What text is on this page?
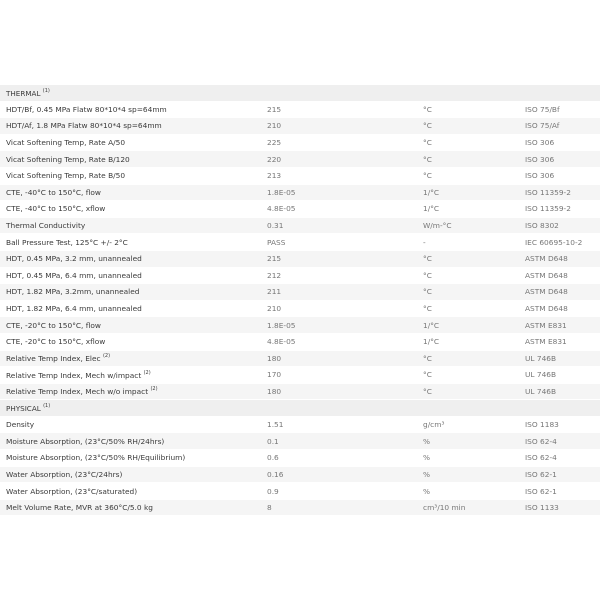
THERMAL $^{(1)}$
HDT/Bf, 0.45 MPa Flatw 80*10*4 sp=64mm	215	°C	ISO 75/Bf
HDT/Af, 1.8 MPa Flatw 80*10*4 sp=64mm	210	°C	ISO 75/Af
Vicat Softening Temp, Rate A/50	225	°C	ISO 306
Vicat Softening Temp, Rate B/120	220	°C	ISO 306
Vicat Softening Temp, Rate B/50	213	°C	ISO 306
CTE, -40°C to 150°C, flow	1.8E-05	1/°C	ISO 11359-2
CTE, -40°C to 150°C, xflow	4.8E-05	1/°C	ISO 11359-2
Thermal Conductivity	0.31	W/m-°C	ISO 8302
Ball Pressure Test, 125°C +/- 2°C	PASS	-	IEC 60695-10-2
HDT, 0.45 MPa, 3.2 mm, unannealed	215	°C	ASTM D648
HDT, 0.45 MPa, 6.4 mm, unannealed	212	°C	ASTM D648
HDT, 1.82 MPa, 3.2mm, unannealed	211	°C	ASTM D648
HDT, 1.82 MPa, 6.4 mm, unannealed	210	°C	ASTM D648
CTE, -20°C to 150°C, flow	1.8E-05	1/°C	ASTM E831
CTE, -20°C to 150°C, xflow	4.8E-05	1/°C	ASTM E831
Relative Temp Index, Elec $^{(2)}$	180	°C	UL 746B
Relative Temp Index, Mech w/impact $^{(2)}$	170	°C	UL 746B
Relative Temp Index, Mech w/o impact $^{(2)}$	180	°C	UL 746B
PHYSICAL $^{(1)}$
Density	1.51	g/cm³	ISO 1183
Moisture Absorption, (23°C/50% RH/24hrs)	0.1	%	ISO 62-4
Moisture Absorption, (23°C/50% RH/Equilibrium)	0.6	%	ISO 62-4
Water Absorption, (23°C/24hrs)	0.16	%	ISO 62-1
Water Absorption, (23°C/saturated)	0.9	%	ISO 62-1
Melt Volume Rate, MVR at 360°C/5.0 kg	8	cm³/10 min	ISO 1133
